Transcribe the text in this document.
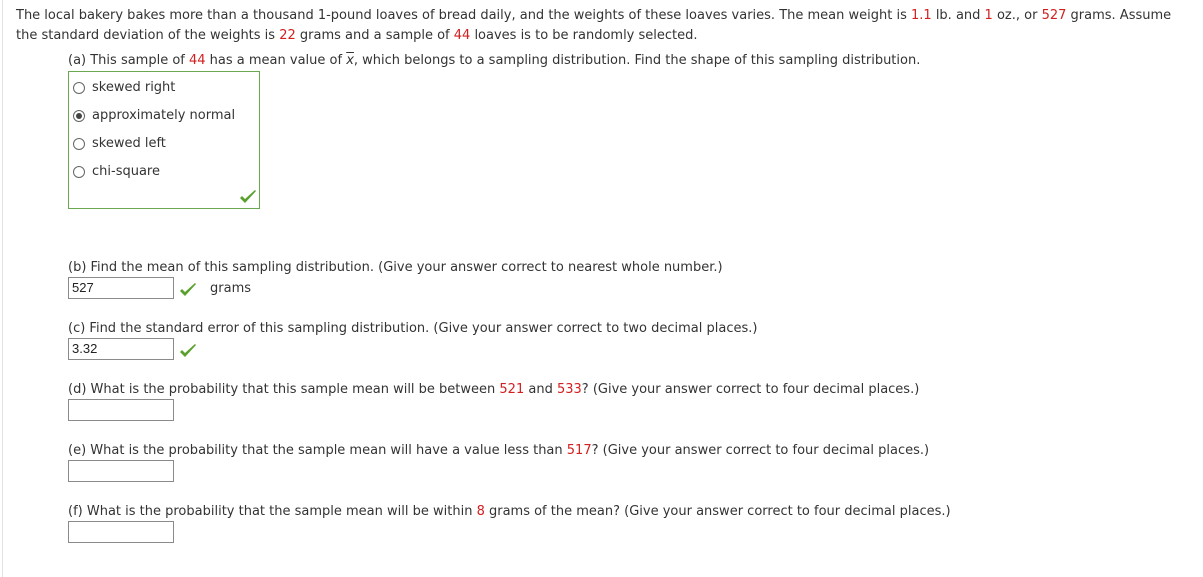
The local bakery bakes more than a thousand 1-pound loaves of bread daily, and the weights of these loaves varies. The mean weight is 1.1 lb. and 1 oz., or 527 grams. Assume the standard deviation of the weights is 22 grams and a sample of 44 loaves is to be randomly selected.
(a) This sample of 44 has a mean value of $\overline{x}$, which belongs to a sampling distribution. Find the shape of this sampling distribution.
skewed right
approximately normal
skewed left
chi-square
(b) Find the mean of this sampling distribution. (Give your answer correct to nearest whole number.)
527	grams
(c) Find the standard error of this sampling distribution. (Give your answer correct to two decimal places.)
3.32
(d) What is the probability that this sample mean will be between 521 and 533? (Give your answer correct to four decimal places.)
(e) What is the probability that the sample mean will have a value less than 517? (Give your answer correct to four decimal places.)
(f) What is the probability that the sample mean will be within 8 grams of the mean? (Give your answer correct to four decimal places.)
